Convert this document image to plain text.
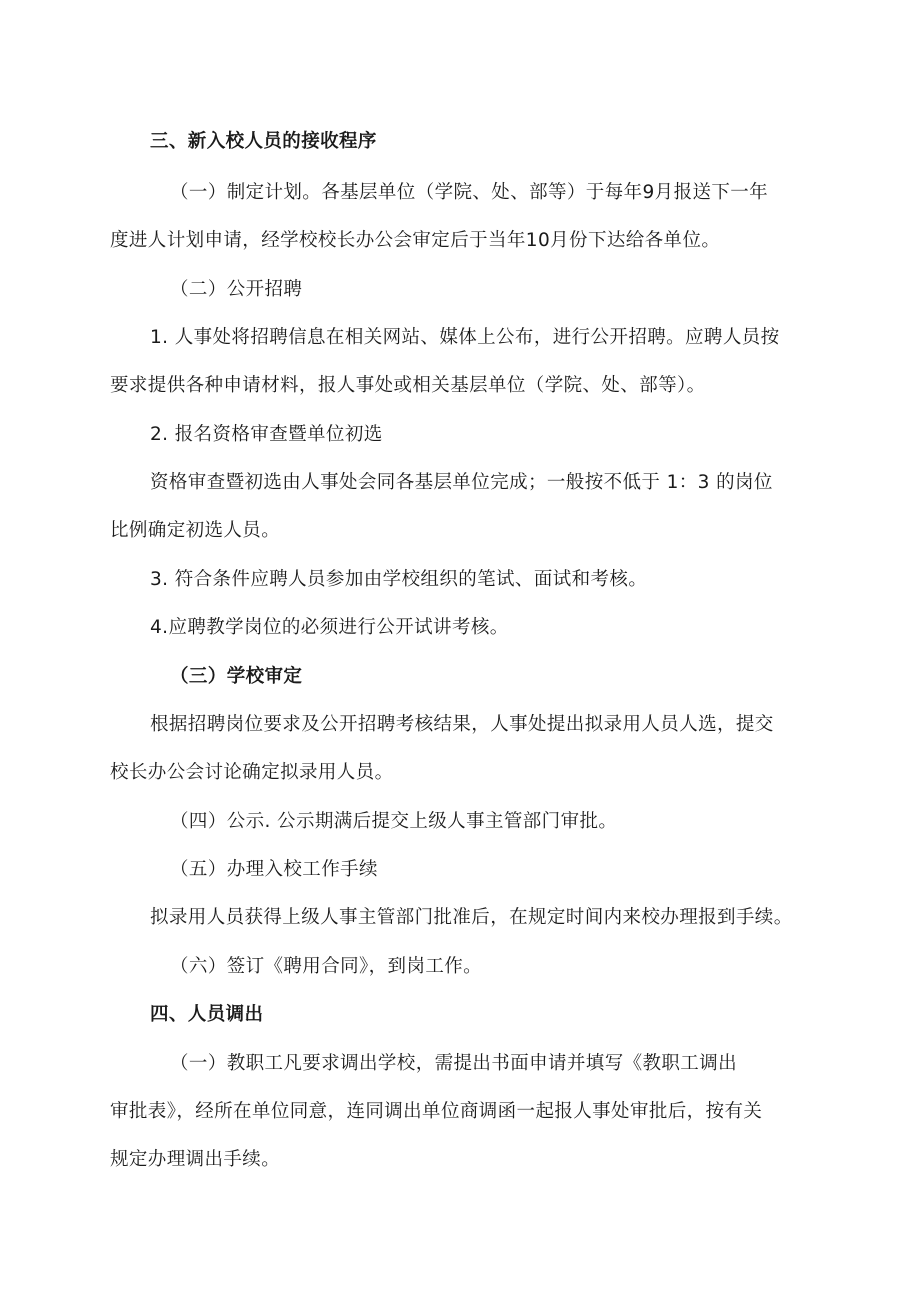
三、新入校人员的接收程序
（一）制定计划。各基层单位（学院、处、部等）于每年9月报送下一年
度进人计划申请，经学校校长办公会审定后于当年10月份下达给各单位。
（二）公开招聘
1. 人事处将招聘信息在相关网站、媒体上公布，进行公开招聘。应聘人员按
要求提供各种申请材料，报人事处或相关基层单位（学院、处、部等）。
2. 报名资格审查暨单位初选
资格审查暨初选由人事处会同各基层单位完成；一般按不低于 1：3 的岗位
比例确定初选人员。
3. 符合条件应聘人员参加由学校组织的笔试、面试和考核。
4.应聘教学岗位的必须进行公开试讲考核。
（三）学校审定
根据招聘岗位要求及公开招聘考核结果，人事处提出拟录用人员人选，提交
校长办公会讨论确定拟录用人员。
（四）公示. 公示期满后提交上级人事主管部门审批。
（五）办理入校工作手续
拟录用人员获得上级人事主管部门批准后，在规定时间内来校办理报到手续。
（六）签订《聘用合同》，到岗工作。
四、人员调出
（一）教职工凡要求调出学校，需提出书面申请并填写《教职工调出
审批表》，经所在单位同意，连同调出单位商调函一起报人事处审批后，按有关
规定办理调出手续。
